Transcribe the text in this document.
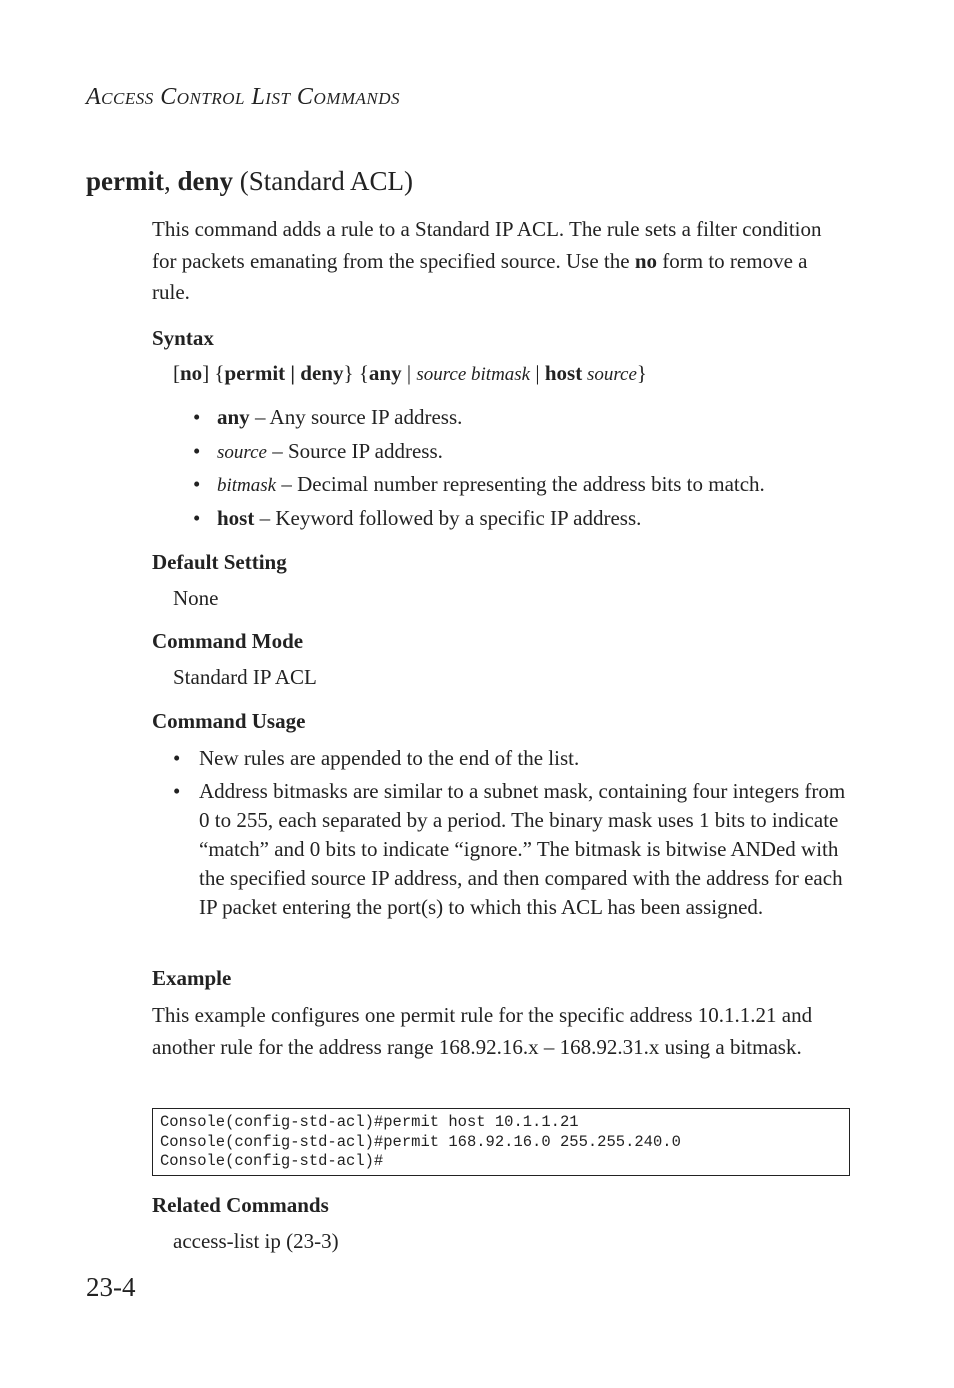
ACCESS CONTROL LIST COMMANDS
permit, deny (Standard ACL)
This command adds a rule to a Standard IP ACL. The rule sets a filter condition for packets emanating from the specified source. Use the no form to remove a rule.
Syntax
[no] {permit | deny} {any | source bitmask | host source}
• any – Any source IP address.
• source – Source IP address.
• bitmask – Decimal number representing the address bits to match.
• host – Keyword followed by a specific IP address.
Default Setting
None
Command Mode
Standard IP ACL
Command Usage
• New rules are appended to the end of the list.
• Address bitmasks are similar to a subnet mask, containing four integers from 0 to 255, each separated by a period. The binary mask uses 1 bits to indicate “match” and 0 bits to indicate “ignore.” The bitmask is bitwise ANDed with the specified source IP address, and then compared with the address for each IP packet entering the port(s) to which this ACL has been assigned.
Example
This example configures one permit rule for the specific address 10.1.1.21 and another rule for the address range 168.92.16.x – 168.92.31.x using a bitmask.
Console(config-std-acl)#permit host 10.1.1.21
Console(config-std-acl)#permit 168.92.16.0 255.255.240.0
Console(config-std-acl)#
Related Commands
access-list ip (23-3)
23-4
